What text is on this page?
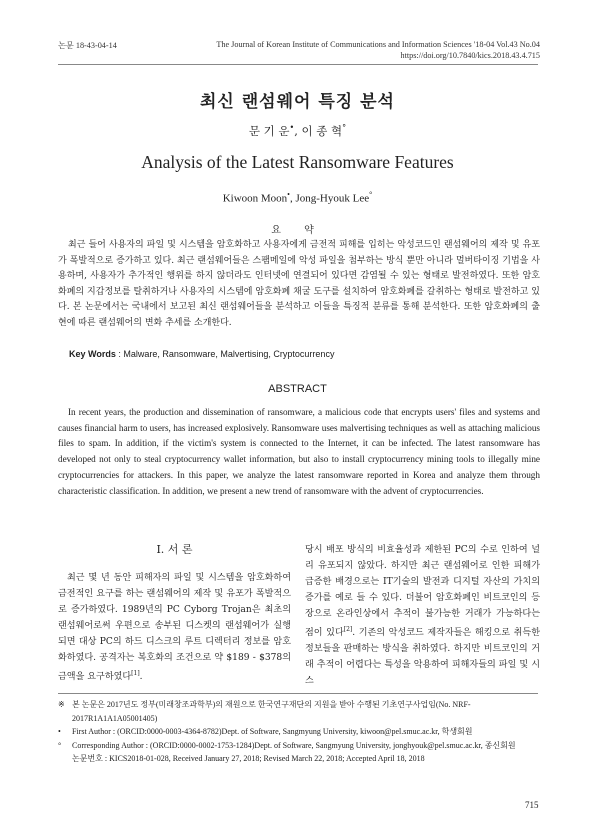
논문 18-43-04-14	The Journal of Korean Institute of Communications and Information Sciences '18-04 Vol.43 No.04
https://doi.org/10.7840/kics.2018.43.4.715
최신 랜섬웨어 특징 분석
문 기 운•, 이 종 혁°
Analysis of the Latest Ransomware Features
Kiwoon Moon•, Jong-Hyouk Lee°
요 약
최근 들어 사용자의 파일 및 시스템을 암호화하고 사용자에게 금전적 피해를 입히는 악성코드인 랜섬웨어의 제작 및 유포가 폭발적으로 증가하고 있다. 최근 랜섬웨어들은 스팸메일에 악성 파일을 첨부하는 방식 뿐만 아니라 멀버타이징 기법을 사용하며, 사용자가 추가적인 행위를 하지 않더라도 인터넷에 연결되어 있다면 감염될 수 있는 형태로 발전하였다. 또한 암호화폐의 지갑정보를 탈취하거나 사용자의 시스템에 암호화폐 채굴 도구를 설치하여 암호화폐를 갈취하는 형태로 발전하고 있다. 본 논문에서는 국내에서 보고된 최신 랜섬웨어들을 분석하고 이들을 특징적 분류를 통해 분석한다. 또한 암호화폐의 출현에 따른 랜섬웨어의 변화 추세를 소개한다.
Key Words : Malware, Ransomware, Malvertising, Cryptocurrency
ABSTRACT
In recent years, the production and dissemination of ransomware, a malicious code that encrypts users' files and systems and causes financial harm to users, has increased explosively. Ransomware uses malvertising techniques as well as attaching malicious files to spam. In addition, if the victim's system is connected to the Internet, it can be infected. The latest ransomware has developed not only to steal cryptocurrency wallet information, but also to install cryptocurrency mining tools to illegally mine cryptocurrencies for attackers. In this paper, we analyze the latest ransomware reported in Korea and analyze them through characteristic classification. In addition, we present a new trend of ransomware with the advent of cryptocurrencies.
Ⅰ. 서 론
최근 몇 년 동안 피해자의 파일 및 시스템을 암호화하여 금전적인 요구를 하는 랜섬웨어의 제작 및 유포가 폭발적으로 증가하였다. 1989년의 PC Cyborg Trojan은 최초의 랜섬웨어로써 우편으로 송부된 디스켓의 랜섬웨어가 실행되면 대상 PC의 하드 디스크의 루트 디렉터리 정보를 암호화하였다. 공격자는 복호화의 조건으로 약 $189 - $378의 금액을 요구하였다[1].
당시 배포 방식의 비효율성과 제한된 PC의 수로 인하여 널리 유포되지 않았다. 하지만 최근 랜섬웨어로 인한 피해가 급증한 배경으로는 IT기술의 발전과 디지털 자산의 가치의 증가를 예로 들 수 있다. 더불어 암호화폐인 비트코인의 등장으로 온라인상에서 추적이 불가능한 거래가 가능하다는 점이 있다[2]. 기존의 악성코드 제작자들은 해킹으로 취득한 정보들을 판매하는 방식을 취하였다. 하지만 비트코인의 거래 추적이 어렵다는 특성을 악용하여 피해자들의 파일 및 시스
※ 본 논문은 2017년도 정부(미래창조과학부)의 재원으로 한국연구재단의 지원을 받아 수행된 기초연구사업임(No. NRF-2017R1A1A1A05001405)
• First Author : (ORCID:0000-0003-4364-8782)Dept. of Software, Sangmyung University, kiwoon@pel.smuc.ac.kr, 학생회원
° Corresponding Author : (ORCID:0000-0002-1753-1284)Dept. of Software, Sangmyung University, jonghyouk@pel.smuc.ac.kr, 종신회원
논문번호 : KICS2018-01-028, Received January 27, 2018; Revised March 22, 2018; Accepted April 18, 2018
715
